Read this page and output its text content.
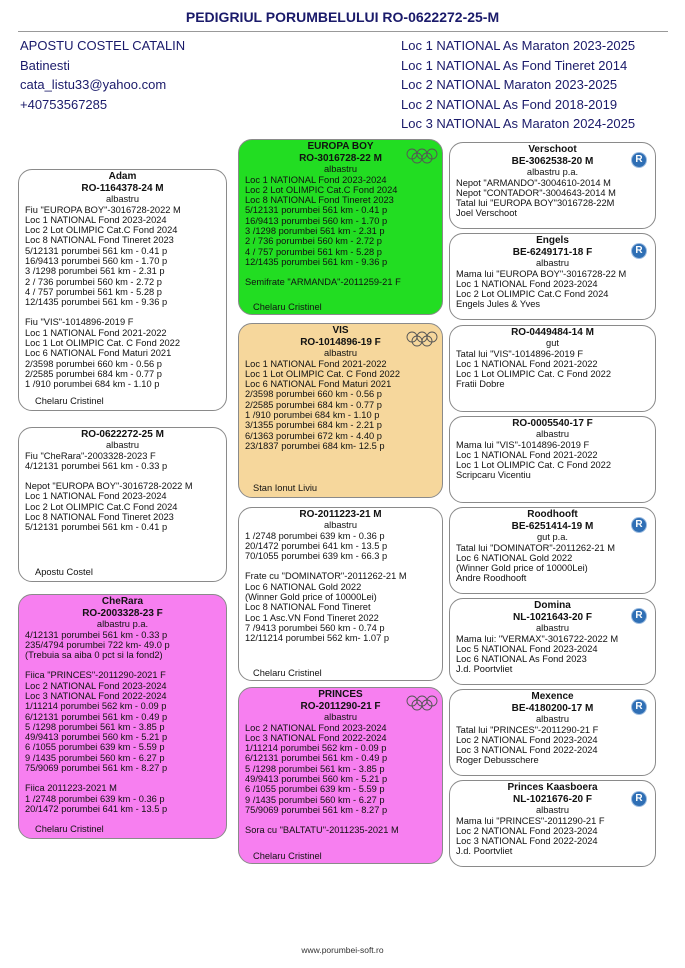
PEDIGRIUL PORUMBELULUI RO-0622272-25-M
APOSTU COSTEL CATALIN
Batinesti
cata_listu33@yahoo.com
+40753567285
Loc 1 NATIONAL As Maraton 2023-2025
Loc 1 NATIONAL As Fond Tineret 2014
Loc 2 NATIONAL Maraton 2023-2025
Loc 2 NATIONAL As Fond 2018-2019
Loc 3 NATIONAL As Maraton 2024-2025
Adam
RO-1164378-24 M
albastru
Fiu "EUROPA BOY"-3016728-2022 M
Loc 1 NATIONAL Fond 2023-2024
Loc 2 Lot OLIMPIC Cat.C Fond 2024
Loc 8 NATIONAL Fond Tineret 2023
5/12131 porumbei 561 km - 0.41 p
16/9413 porumbei 560 km - 1.70 p
3 /1298 porumbei 561 km - 2.31 p
2 / 736 porumbei 560 km - 2.72 p
4 / 757 porumbei 561 km - 5.28 p
12/1435 porumbei 561 km - 9.36 p
Fiu "VIS"-1014896-2019 F
Loc 1 NATIONAL Fond 2021-2022
Loc 1 Lot OLIMPIC Cat. C Fond 2022
Loc 6 NATIONAL Fond Maturi 2021
2/3598 porumbei 660 km - 0.56 p
2/2585 porumbei 684 km - 0.77 p
1 /910 porumbei 684 km - 1.10 p
Chelaru Cristinel
RO-0622272-25 M
albastru
Fiu "CheRara"-2003328-2023 F
4/12131 porumbei 561 km - 0.33 p
Nepot "EUROPA BOY"-3016728-2022 M
Loc 1 NATIONAL Fond 2023-2024
Loc 2 Lot OLIMPIC Cat.C Fond 2024
Loc 8 NATIONAL Fond Tineret 2023
5/12131 porumbei 561 km - 0.41 p
Apostu Costel
CheRara
RO-2003328-23 F
albastru p.a.
4/12131 porumbei 561 km - 0.33 p
235/4794 porumbei 722 km- 49.0 p
(Trebuia sa aiba 0 pct si la fond2)
Fiica "PRINCES"-2011290-2021 F
Loc 2 NATIONAL Fond 2023-2024
Loc 3 NATIONAL Fond 2022-2024
1/11214 porumbei 562 km - 0.09 p
6/12131 porumbei 561 km - 0.49 p
5 /1298 porumbei 561 km - 3.85 p
49/9413 porumbei 560 km - 5.21 p
6 /1055 porumbei 639 km - 5.59 p
9 /1435 porumbei 560 km - 6.27 p
75/9069 porumbei 561 km - 8.27 p
Fiica 2011223-2021 M
1 /2748 porumbei 639 km - 0.36 p
20/1472 porumbei 641 km - 13.5 p
Chelaru Cristinel
EUROPA BOY
RO-3016728-22 M
albastru
Loc 1 NATIONAL Fond 2023-2024
Loc 2 Lot OLIMPIC Cat.C Fond 2024
Loc 8 NATIONAL Fond Tineret 2023
5/12131 porumbei 561 km - 0.41 p
16/9413 porumbei 560 km - 1.70 p
3 /1298 porumbei 561 km - 2.31 p
2 / 736 porumbei 560 km - 2.72 p
4 / 757 porumbei 561 km - 5.28 p
12/1435 porumbei 561 km - 9.36 p
Semifrate "ARMANDA"-2011259-21 F
Chelaru Cristinel
VIS
RO-1014896-19 F
albastru
Loc 1 NATIONAL Fond 2021-2022
Loc 1 Lot OLIMPIC Cat. C Fond 2022
Loc 6 NATIONAL Fond Maturi 2021
2/3598 porumbei 660 km - 0.56 p
2/2585 porumbei 684 km - 0.77 p
1 /910 porumbei 684 km - 1.10 p
3/1355 porumbei 684 km - 2.21 p
6/1363 porumbei 672 km - 4.40 p
23/1837 porumbei 684 km- 12.5 p
Stan Ionut Liviu
RO-2011223-21 M
albastru
1 /2748 porumbei 639 km - 0.36 p
20/1472 porumbei 641 km - 13.5 p
70/1055 porumbei 639 km - 66.3 p
Frate cu "DOMINATOR"-2011262-21 M
Loc 6 NATIONAL Gold 2022
(Winner Gold price of 10000Lei)
Loc 8 NATIONAL Fond Tineret
Loc 1 Asc.VN Fond Tineret 2022
7 /9413 porumbei 560 km - 0.74 p
12/11214 porumbei 562 km- 1.07 p
Chelaru Cristinel
PRINCES
RO-2011290-21 F
albastru
Loc 2 NATIONAL Fond 2023-2024
Loc 3 NATIONAL Fond 2022-2024
1/11214 porumbei 562 km - 0.09 p
6/12131 porumbei 561 km - 0.49 p
5 /1298 porumbei 561 km - 3.85 p
49/9413 porumbei 560 km - 5.21 p
6 /1055 porumbei 639 km - 5.59 p
9 /1435 porumbei 560 km - 6.27 p
75/9069 porumbei 561 km - 8.27 p
Sora cu "BALTATU"-2011235-2021 M
Chelaru Cristinel
Verschoot
BE-3062538-20 M
albastru p.a.
Nepot "ARMANDO"-3004610-2014 M
Nepot "CONTADOR"-3004643-2014 M
Tatal lui "EUROPA BOY"3016728-22M
Joel Verschoot
Engels
BE-6249171-18 F
albastru
Mama lui "EUROPA BOY"-3016728-22 M
Loc 1 NATIONAL Fond 2023-2024
Loc 2 Lot OLIMPIC Cat.C Fond 2024
Engels Jules & Yves
RO-0449484-14 M
gut
Tatal lui "VIS"-1014896-2019 F
Loc 1 NATIONAL Fond 2021-2022
Loc 1 Lot OLIMPIC Cat. C Fond 2022
Fratii Dobre
RO-0005540-17 F
albastru
Mama lui "VIS"-1014896-2019 F
Loc 1 NATIONAL Fond 2021-2022
Loc 1 Lot OLIMPIC Cat. C Fond 2022
Scripcaru Vicentiu
Roodhooft
BE-6251414-19 M
gut p.a.
Tatal lui "DOMINATOR"-2011262-21 M
Loc 6 NATIONAL Gold 2022
(Winner Gold price of 10000Lei)
Andre Roodhooft
Domina
NL-1021643-20 F
albastru
Mama lui: "VERMAX"-3016722-2022 M
Loc 5 NATIONAL Fond 2023-2024
Loc 6 NATIONAL As Fond 2023
J.d. Poortvliet
Mexence
BE-4180200-17 M
albastru
Tatal lui "PRINCES"-2011290-21 F
Loc 2 NATIONAL Fond 2023-2024
Loc 3 NATIONAL Fond 2022-2024
Roger Debusschere
Princes Kaasboera
NL-1021676-20 F
albastru
Mama lui "PRINCES"-2011290-21 F
Loc 2 NATIONAL Fond 2023-2024
Loc 3 NATIONAL Fond 2022-2024
J.d. Poortvliet
R
R
R
R
R
R
www.porumbei-soft.ro
